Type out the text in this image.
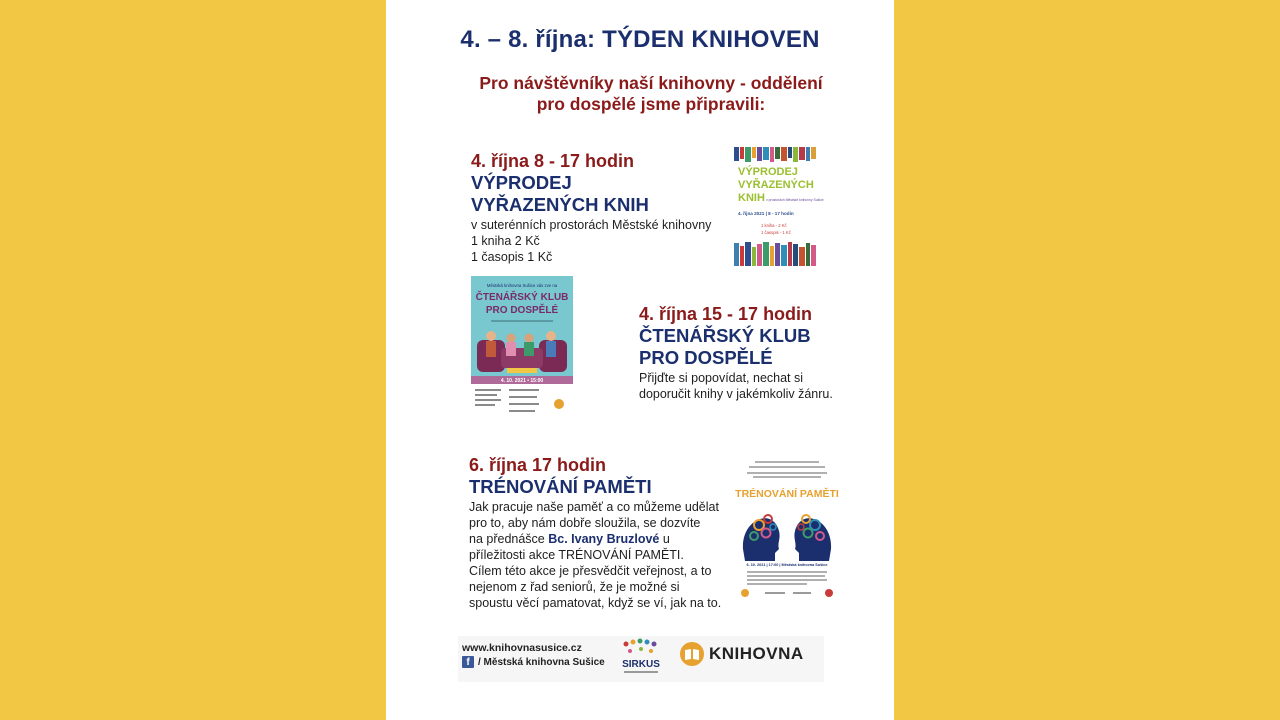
4. – 8. října: TÝDEN KNIHOVEN
Pro návštěvníky naší knihovny - oddělení
pro dospělé jsme připravili:
4. října 8 - 17 hodin
VÝPRODEJ
VYŘAZENÝCH KNIH
v suterénních prostorách Městské knihovny
1 kniha 2 Kč
1 časopis 1 Kč
VÝPRODEJ
VYŘAZENÝCH
KNIH v prostorách Městské knihovny Sušice
4. října 2021 | 8 - 17 hodin
1 kniha - 2 Kč
1 časopis - 1 Kč
Městská knihovna Sušice vás zve na
ČTENÁŘSKÝ KLUB
PRO DOSPĚLÉ
4. 10. 2021 • 15:00
4. října 15 - 17 hodin
ČTENÁŘSKÝ KLUB
PRO DOSPĚLÉ
Přijďte si popovídat, nechat si
doporučit knihy v jakémkoliv žánru.
6. října 17 hodin
TRÉNOVÁNÍ PAMĚTI
Jak pracuje naše paměť a co můžeme udělat
pro to, aby nám dobře sloužila, se dozvíte
na přednášce Bc. Ivany Bruzlové u
příležitosti akce TRÉNOVÁNÍ PAMĚTI.
Cílem této akce je přesvědčit veřejnost, a to
nejenom z řad seniorů, že je možné si
spoustu věcí pamatovat, když se ví, jak na to.
TRÉNOVÁNÍ PAMĚTI
6. 10. 2021 | 17:00 | Městská knihovna Sušice
www.knihovnasusice.cz
f / Městská knihovna Sušice SIRKUS
KNIHOVNA
